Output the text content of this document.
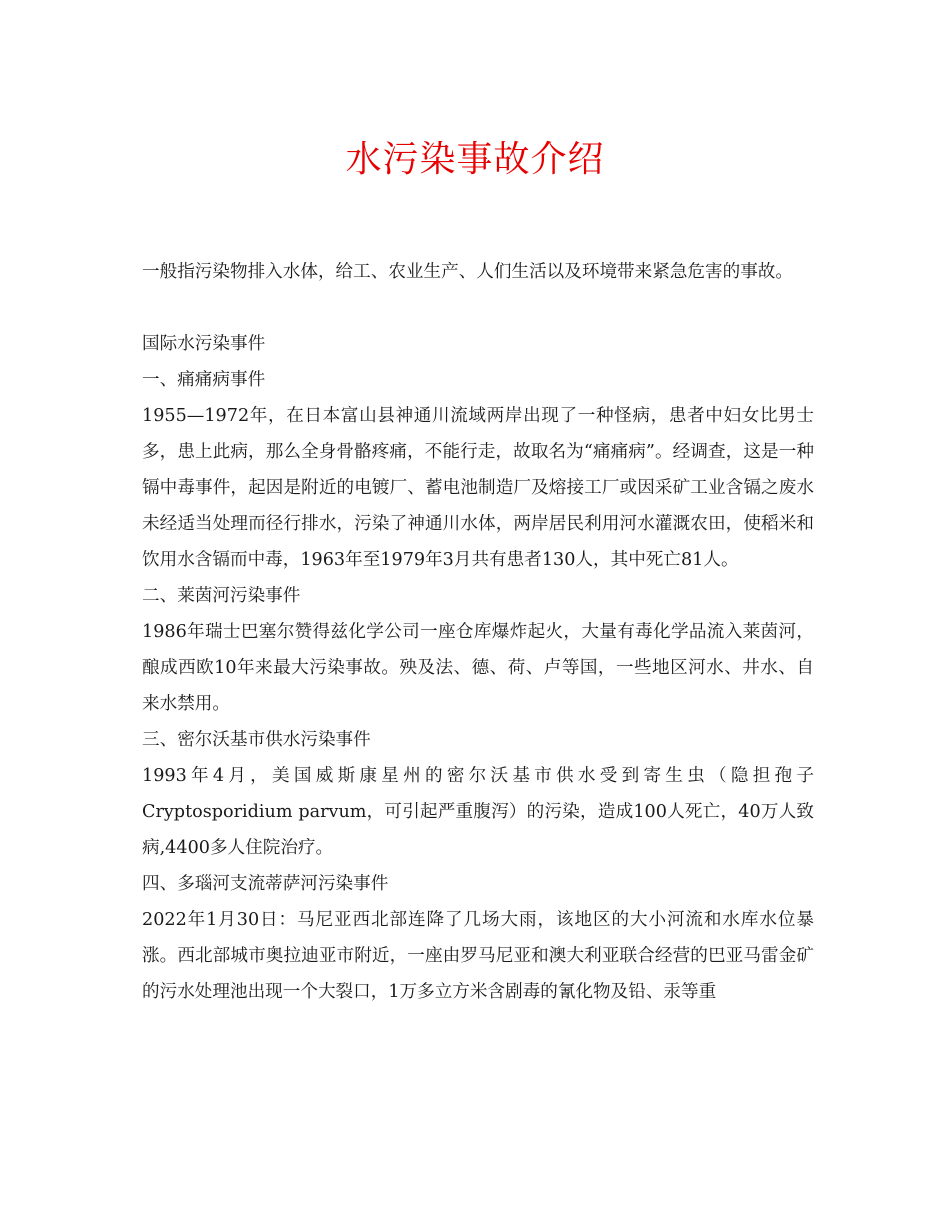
水污染事故介绍

一般指污染物排入水体，给工、农业生产、人们生活以及环境带来紧急危害的事故。

国际水污染事件

一、痛痛病事件

1955—1972年，在日本富山县神通川流域两岸出现了一种怪病，患者中妇女比男士多，患上此病，那么全身骨骼疼痛，不能行走，故取名为“痛痛病”。经调查，这是一种镉中毒事件，起因是附近的电镀厂、蓄电池制造厂及熔接工厂或因采矿工业含镉之废水未经适当处理而径行排水，污染了神通川水体，两岸居民利用河水灌溉农田，使稻米和饮用水含镉而中毒，1963年至1979年3月共有患者130人，其中死亡81人。

二、莱茵河污染事件

1986年瑞士巴塞尔赞得兹化学公司一座仓库爆炸起火，大量有毒化学品流入莱茵河，酿成西欧10年来最大污染事故。殃及法、德、荷、卢等国，一些地区河水、井水、自来水禁用。

三、密尔沃基市供水污染事件

1993年4月，美国威斯康星州的密尔沃基市供水受到寄生虫（隐担孢子Cryptosporidium parvum，可引起严重腹泻）的污染，造成100人死亡，40万人致病,4400多人住院治疗。

四、多瑙河支流蒂萨河污染事件

2022年1月30日：马尼亚西北部连降了几场大雨，该地区的大小河流和水库水位暴涨。西北部城市奥拉迪亚市附近，一座由罗马尼亚和澳大利亚联合经营的巴亚马雷金矿的污水处理池出现一个大裂口，1万多立方米含剧毒的氰化物及铅、汞等重
